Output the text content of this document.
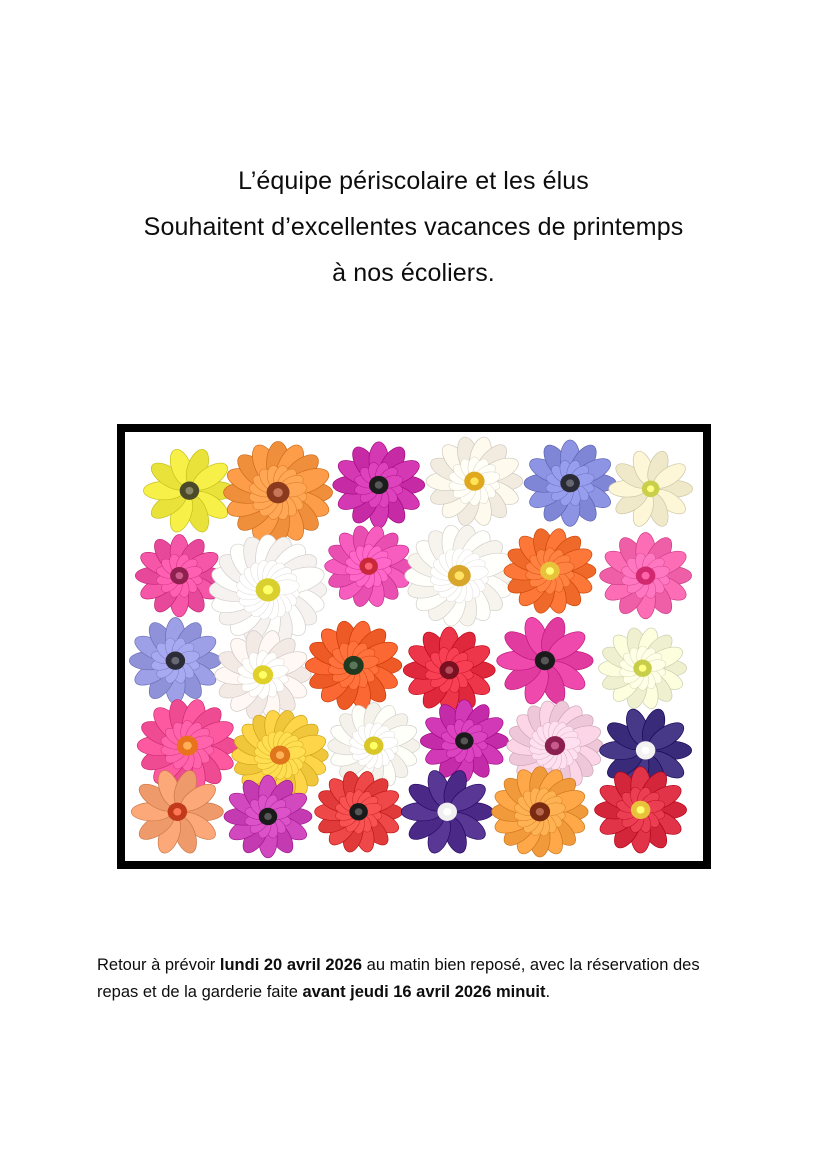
L’équipe périscolaire et les élus
Souhaitent d’excellentes vacances de printemps
à nos écoliers.
Retour à prévoir lundi 20 avril 2026 au matin bien reposé, avec la réservation des repas et de la garderie faite avant jeudi 16 avril 2026 minuit.
